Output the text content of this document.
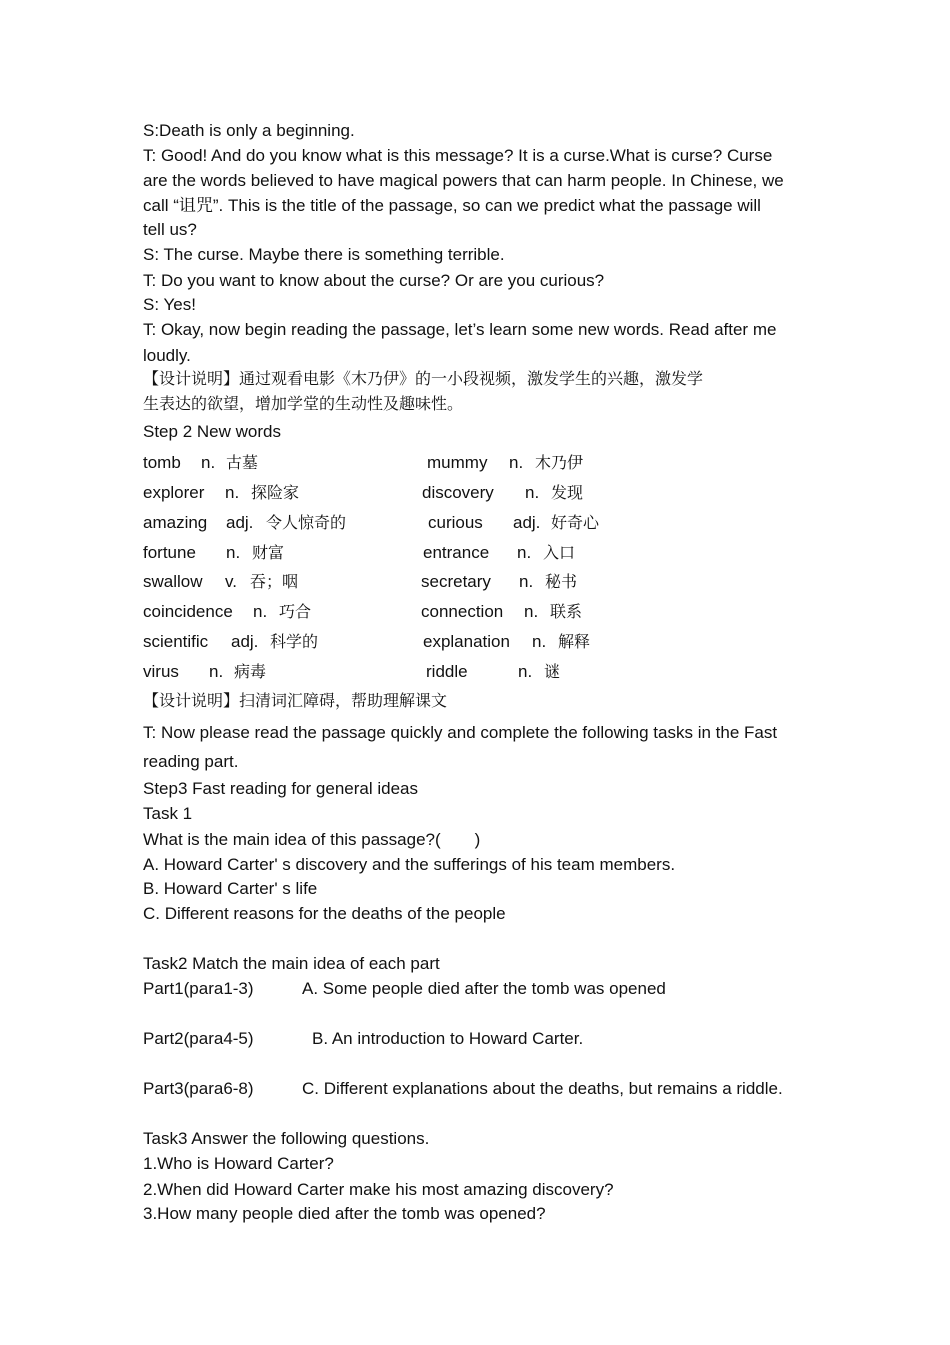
S:Death is only a beginning.
T: Good! And do you know what is this message? It is a curse.What is curse? Curse
are the words believed to have magical powers that can harm people. In Chinese, we
call “诅咒”. This is the title of the passage, so can we predict what the passage will
tell us?
S: The curse. Maybe there is something terrible.
T: Do you want to know about the curse? Or are you curious?
S: Yes!
T: Okay, now begin reading the passage, let’s learn some new words. Read after me
loudly.
【设计说明】通过观看电影《木乃伊》的一小段视频，激发学生的兴趣，激发学
生表达的欲望，增加学堂的生动性及趣味性。
Step 2 New words
tomb n. 古墓	mummy n. 木乃伊
explorer n. 探险家	discovery n. 发现
amazing adj. 令人惊奇的	curious adj. 好奇心
fortune n. 财富	entrance n. 入口
swallow v. 吞；咽	secretary n. 秘书
coincidence n. 巧合	connection n. 联系
scientific adj. 科学的	explanation n. 解释
virus n. 病毒	riddle	n. 谜
【设计说明】扫清词汇障碍，帮助理解课文
T: Now please read the passage quickly and complete the following tasks in the Fast
reading part.
Step3 Fast reading for general ideas
Task 1
What is the main idea of this passage?(　　)
A. Howard Carter' s discovery and the sufferings of his team members.
B. Howard Carter' s life
C. Different reasons for the deaths of the people
Task2 Match the main idea of each part
Part1(para1-3)	A. Some people died after the tomb was opened
Part2(para4-5)	B. An introduction to Howard Carter.
Part3(para6-8)	C. Different explanations about the deaths, but remains a riddle.
Task3 Answer the following questions.
1.Who is Howard Carter?
2.When did Howard Carter make his most amazing discovery?
3.How many people died after the tomb was opened?
